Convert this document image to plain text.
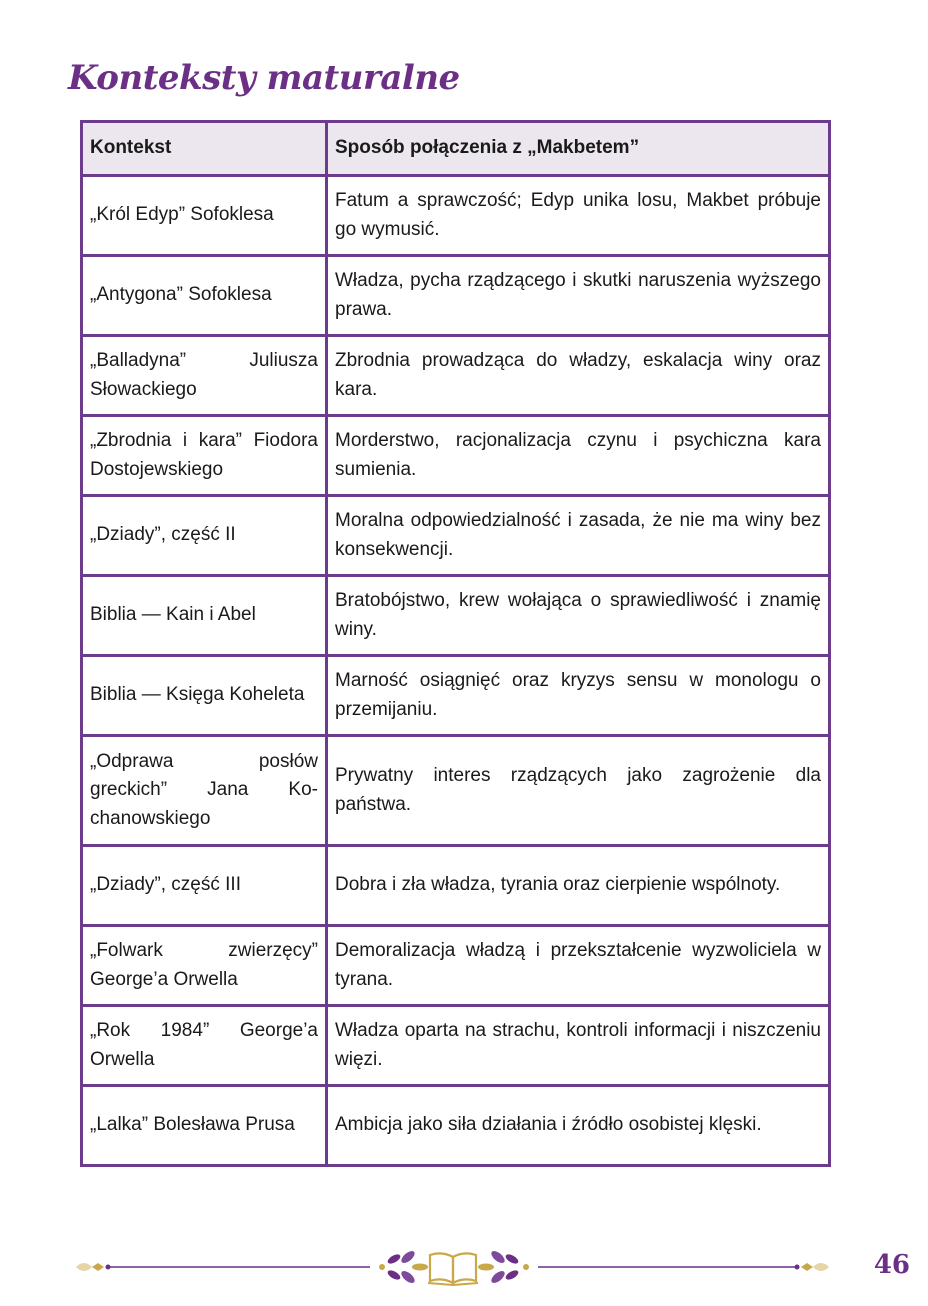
Konteksty maturalne
Kontekst	Sposób połączenia z „Makbetem”
„Król Edyp” Sofoklesa	Fatum a sprawczość; Edyp unika losu, Makbet próbuje go wymusić.
„Antygona” Sofoklesa	Władza, pycha rządzącego i skutki naruszenia wyższego prawa.
„Balladyna” Juliusza Słowackiego	Zbrodnia prowadząca do władzy, eskalacja winy oraz kara.
„Zbrodnia i kara” Fiodora Dostojewskiego	Morderstwo, racjonalizacja czynu i psychiczna kara sumienia.
„Dziady”, część II	Moralna odpowiedzialność i zasada, że nie ma winy bez konsekwencji.
Biblia — Kain i Abel	Bratobójstwo, krew wołająca o sprawiedliwość i znamię winy.
Biblia — Księga Koheleta	Marność osiągnięć oraz kryzys sensu w monologu o przemijaniu.
„Odprawa posłów greckich” Jana Kochanowskiego	Prywatny interes rządzących jako zagrożenie dla państwa.
„Dziady”, część III	Dobra i zła władza, tyrania oraz cierpienie wspólnoty.
„Folwark zwierzęcy” George’a Orwella	Demoralizacja władzą i przekształcenie wyzwoliciela w tyrana.
„Rok 1984” George’a Orwella	Władza oparta na strachu, kontroli informacji i niszczeniu więzi.
„Lalka” Bolesława Prusa	Ambicja jako siła działania i źródło osobistej klęski.
46
